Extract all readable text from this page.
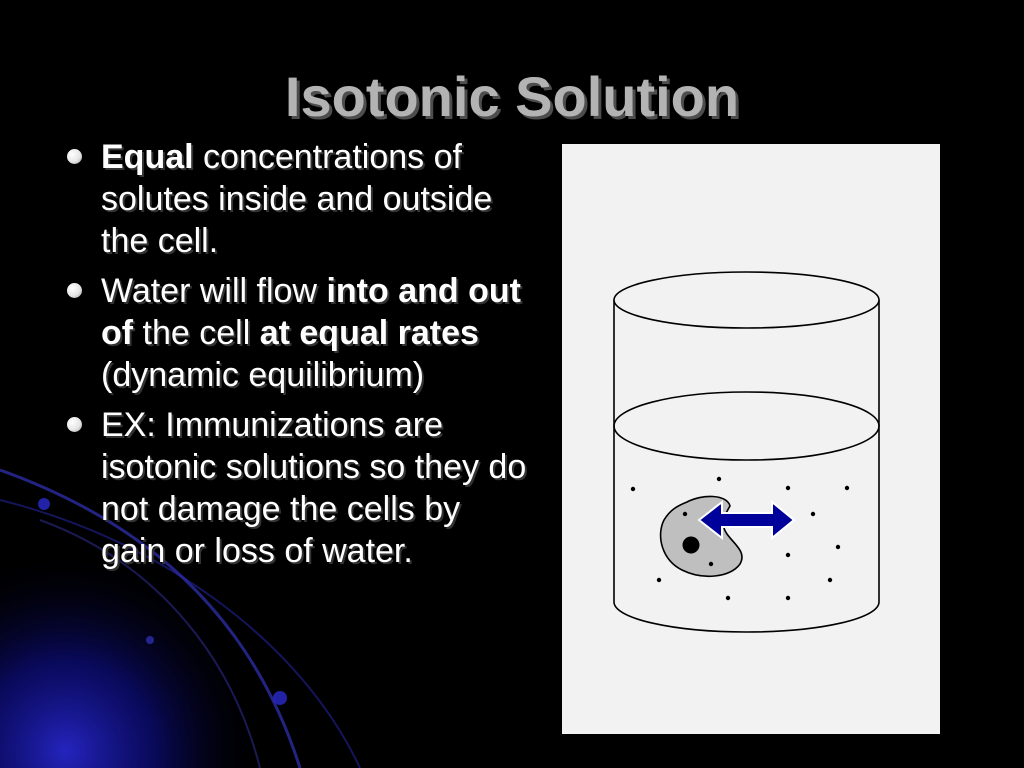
Isotonic Solution
Equal concentrations of solutes inside and outside the cell.
Water will flow into and out of the cell at equal rates (dynamic equilibrium)
EX: Immunizations are isotonic solutions so they do not damage the cells by gain or loss of water.
